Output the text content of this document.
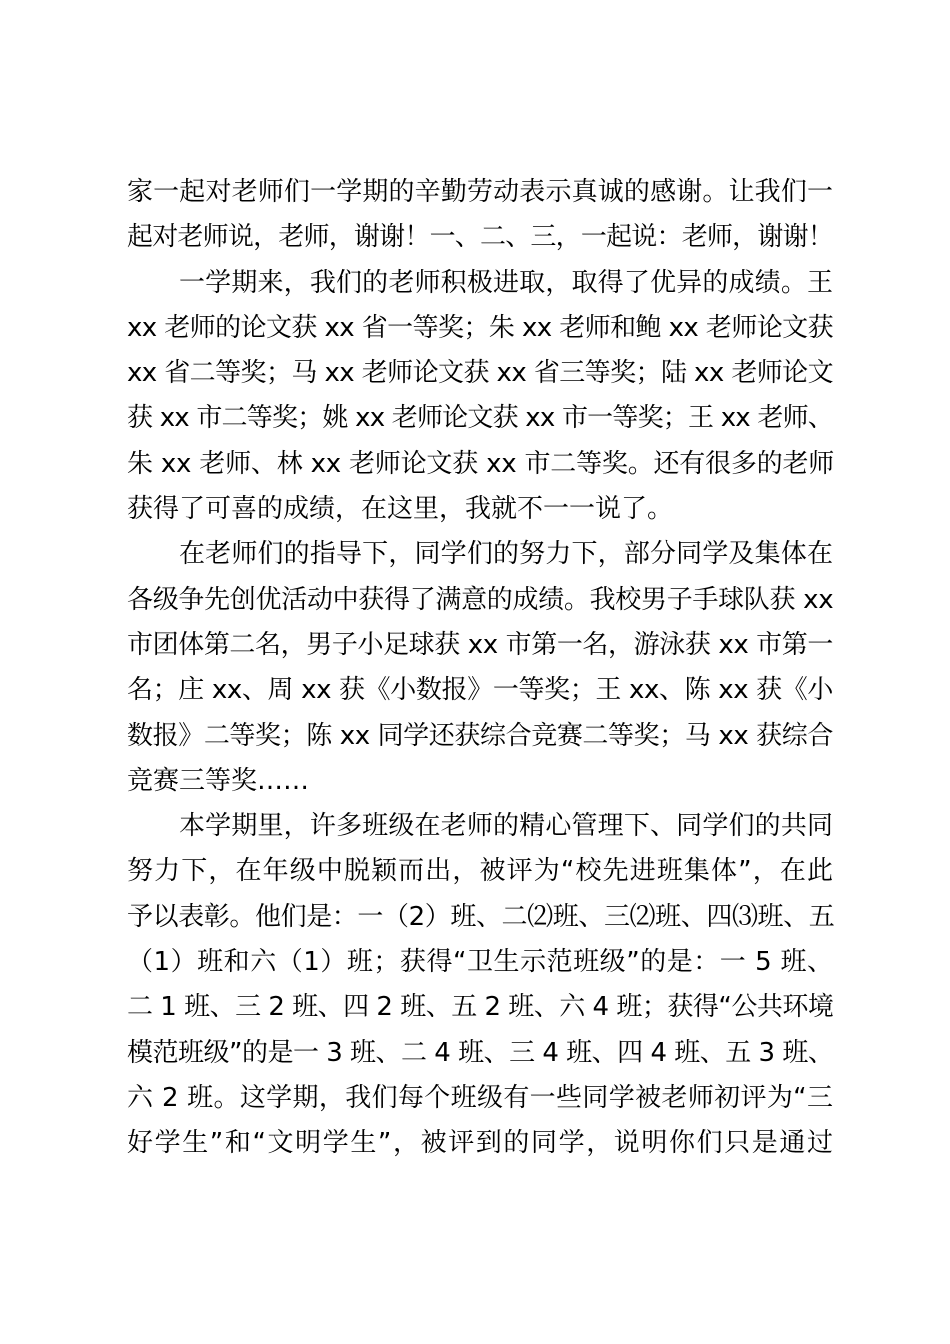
家一起对老师们一学期的辛勤劳动表示真诚的感谢。让我们一
起对老师说，老师，谢谢！一、二、三，一起说：老师，谢谢！
一学期来，我们的老师积极进取，取得了优异的成绩。王
xx 老师的论文获 xx 省一等奖；朱 xx 老师和鲍 xx 老师论文获
xx 省二等奖；马 xx 老师论文获 xx 省三等奖；陆 xx 老师论文
获 xx 市二等奖；姚 xx 老师论文获 xx 市一等奖；王 xx 老师、
朱 xx 老师、林 xx 老师论文获 xx 市二等奖。还有很多的老师
获得了可喜的成绩，在这里，我就不一一说了。
在老师们的指导下，同学们的努力下，部分同学及集体在
各级争先创优活动中获得了满意的成绩。我校男子手球队获 xx
市团体第二名，男子小足球获 xx 市第一名，游泳获 xx 市第一
名；庄 xx、周 xx 获《小数报》一等奖；王 xx、陈 xx 获《小
数报》二等奖；陈 xx 同学还获综合竞赛二等奖；马 xx 获综合
竞赛三等奖……
本学期里，许多班级在老师的精心管理下、同学们的共同
努力下，在年级中脱颖而出，被评为“校先进班集体”，在此
予以表彰。他们是：一（2）班、二⑵班、三⑵班、四⑶班、五
（1）班和六（1）班；获得“卫生示范班级”的是：一 5 班、
二 1 班、三 2 班、四 2 班、五 2 班、六 4 班；获得“公共环境
模范班级”的是一 3 班、二 4 班、三 4 班、四 4 班、五 3 班、
六 2 班。这学期，我们每个班级有一些同学被老师初评为“三
好学生”和“文明学生”，被评到的同学，说明你们只是通过
